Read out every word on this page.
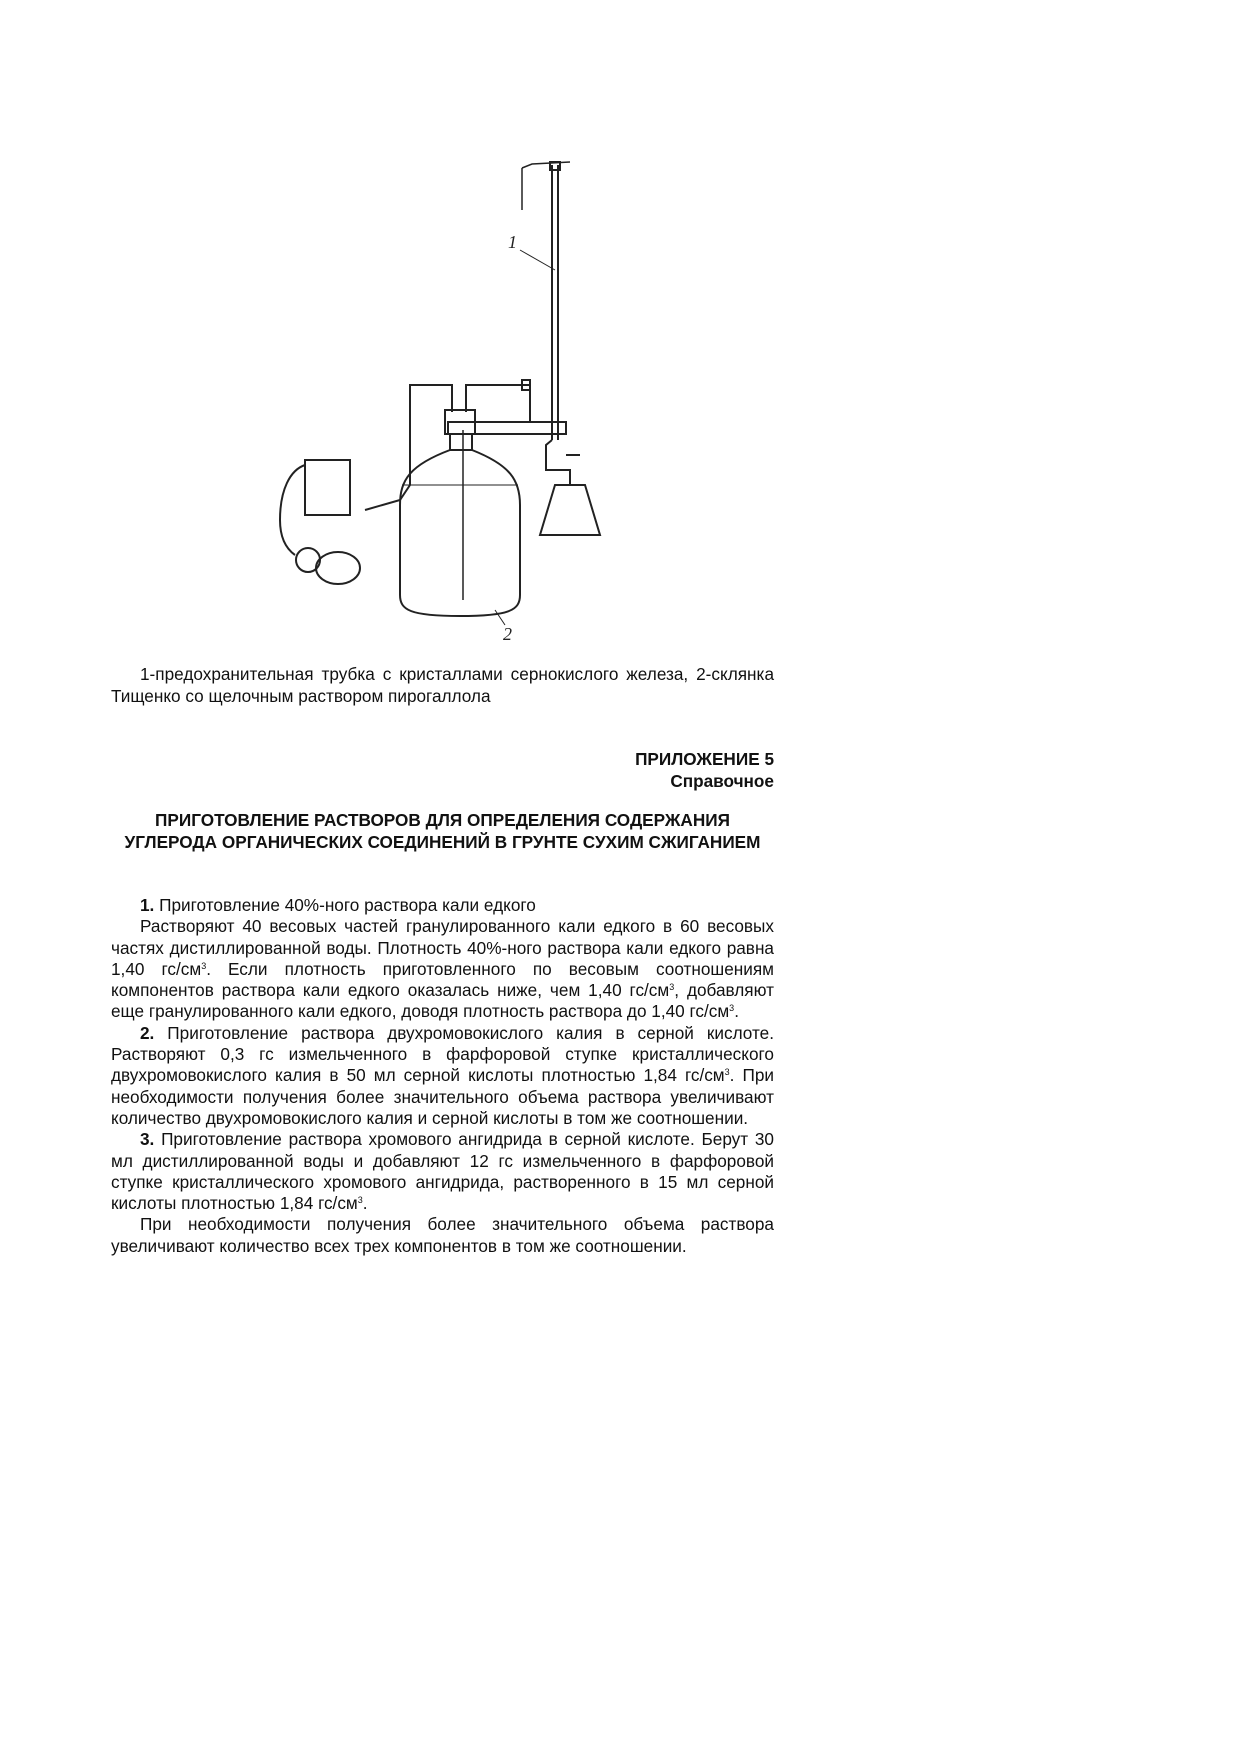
1
2

1-предохранительная трубка с кристаллами сернокислого железа, 2-склянка Тищенко со щелочным раствором пирогаллола

ПРИЛОЖЕНИЕ 5
Справочное
ПРИГОТОВЛЕНИЕ РАСТВОРОВ ДЛЯ ОПРЕДЕЛЕНИЯ СОДЕРЖАНИЯ УГЛЕРОДА ОРГАНИЧЕСКИХ СОЕДИНЕНИЙ В ГРУНТЕ СУХИМ СЖИГАНИЕМ

1. Приготовление 40%-ного раствора кали едкого

Растворяют 40 весовых частей гранулированного кали едкого в 60 весовых частях дистиллированной воды. Плотность 40%-ного раствора кали едкого равна 1,40 $гс/см^3$. Если плотность приготовленного по весовым соотношениям компонентов раствора кали едкого оказалась ниже, чем 1,40 $гс/см^3$, добавляют еще гранулированного кали едкого, доводя плотность раствора до 1,40 $гс/см^3$.

2. Приготовление раствора двухромовокислого калия в серной кислоте. Растворяют 0,3 гс измельченного в фарфоровой ступке кристаллического двухромовокислого калия в 50 мл серной кислоты плотностью 1,84 $гс/см^3$. При необходимости получения более значительного объема раствора увеличивают количество двухромовокислого калия и серной кислоты в том же соотношении.

3. Приготовление раствора хромового ангидрида в серной кислоте. Берут 30 мл дистиллированной воды и добавляют 12 гс измельченного в фарфоровой ступке кристаллического хромового ангидрида, растворенного в 15 мл серной кислоты плотностью 1,84 $гс/см^3$.

При необходимости получения более значительного объема раствора увеличивают количество всех трех компонентов в том же соотношении.
